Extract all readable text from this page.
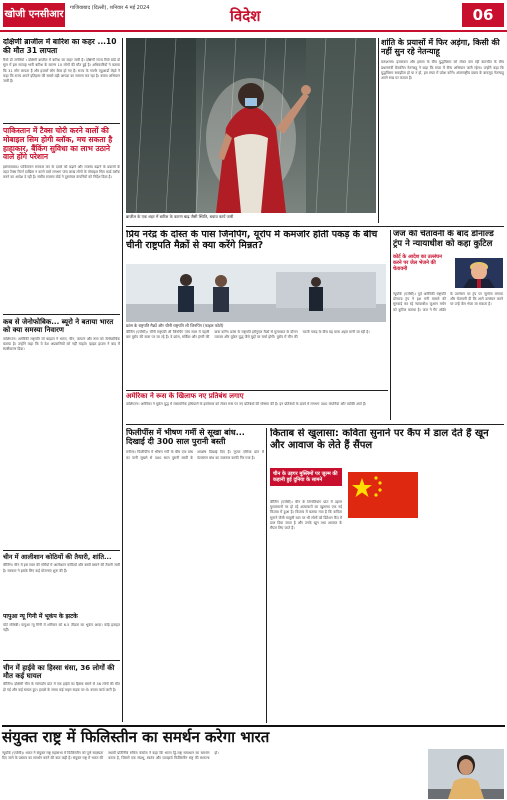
खोजी एनसीआर
गाजियाबाद (दिल्ली), शनिवार 4 मई 2024	विदेश	06
दक्षिणी ब्राजील में बारिश का कहर ...10 की मौत 31 लापता
रियो डी जनेरियो । दक्षिणी ब्राजील में बारिश का कहर जारी है। दक्षिणी राज्य रियो ग्रांडे डो सुल में इस सप्ताह भारी बारिश के कारण 10 लोगों की मौत हुई है। अधिकारियों ने बताया कि 31 लोग लापता हैं और हजारों लोग बेघर हो गए हैं। राज्य के गवर्नर एडुआर्डो लेइटे ने कहा कि राज्य अपने इतिहास की सबसे बड़ी आपदा का सामना कर रहा है। बचाव अभियान जारी है।
पाकिस्तान में टैक्स चोरी करने वालों की मोबाइल सिम होगी ब्लॉक, मच सकता है हाहाकार, बैंकिंग सुविधा का लाभ उठाने वाले होंगे परेशान
इस्लामाबाद। पाकिस्तान सरकार कर के दायरे को बढ़ाने और राजस्व बढ़ाने के प्रयासों के तहत टैक्स रिटर्न दाखिल न करने वाले लगभग पांच लाख लोगों के मोबाइल सिम कार्ड ब्लॉक करने का आदेश दे रही है। संघीय राजस्व बोर्ड ने दूरसंचार कंपनियों को निर्देश दिया है।
कब से जेनोफोबिक... ब्यूरो ने बताया भारत को क्या समस्या निवारण
वाशिंगटन। अमेरिकी राष्ट्रपति जो बाइडन ने भारत, चीन, जापान और रूस को जेनोफोबिक बताया है। उन्होंने कहा कि ये देश अप्रवासियों को नहीं चाहते। व्हाइट हाउस ने बाद में स्पष्टीकरण दिया।
चीन में आलीशान कोठियों की तैयारी, शांति...
बीजिंग। चीन में इस साल की गर्मियों में आलीशान कोठियों और बस्ती बसाने की तैयारी जारी है। सरकार ने इसके लिए कई योजनाएं शुरू की हैं।
पापुआ न्यू गिनी में भूकंप के झटके
पोर्ट मोरेस्बी। पापुआ न्यू गिनी में शनिवार को 6.5 तीव्रता का भूकंप आया। कोई हताहत नहीं।
चीन में हाईवे का हिस्सा धंसा, 36 लोगों की मौत कई घायल
बीजिंग। दक्षिणी चीन के ग्वांगडोंग प्रांत में एक हाईवे का हिस्सा धंसने से 36 लोगों की मौत हो गई और कई घायल हुए। हादसे के समय कई वाहन सड़क पर थे। बचाव कार्य जारी है।
ब्राजील के एक शहर में बारिश के कारण बाढ़ जैसी स्थिति, बचाव कार्य जारी
शांति के प्रयासों में फिर अड़ंगा, किसी की नहीं सुन रहे नेतन्याहू
यरूशलम। इजरायल और हमास के बीच युद्धविराम को लेकर चल रही बातचीत के बीच प्रधानमंत्री बेंजामिन नेतन्याहू ने कहा कि राफा में सैन्य अभियान जारी रहेगा। उन्होंने कहा कि युद्धविराम समझौता हो या न हो, हम राफा में प्रवेश करेंगे। अंतरराष्ट्रीय दबाव के बावजूद नेतन्याहू अपने रुख पर कायम हैं।
प्रिय नरेंद्र के दोस्त के पास जिनपिंग, यूरोप में कमजोर होती पकड़ के बीच चीनी राष्ट्रपति मैक्रों से क्या करेंगे मिन्नत?
फ्रांस के राष्ट्रपति मैक्रों और चीनी राष्ट्रपति शी जिनपिंग (फाइल फोटो)
बीजिंग (एजेंसी)। चीनी राष्ट्रपति शी जिनपिंग पांच साल में पहली बार यूरोप की यात्रा पर जा रहे हैं। वे फ्रांस, सर्बिया और हंगरी की यात्रा करेंगे। फ्रांस के राष्ट्रपति इमैनुएल मैक्रों से मुलाकात के दौरान व्यापार और यूक्रेन युद्ध जैसे मुद्दों पर चर्चा होगी। यूरोप में चीन की घटती पकड़ के बीच यह यात्रा अहम मानी जा रही है।
जज की चेतावनी के बाद डोनाल्ड ट्रंप ने न्यायाधीश को कहा कुटिल
कोर्ट के आदेश का उल्लंघन करने पर जेल भेजने की चेतावनी
न्यूयॉर्क (एजेंसी)। पूर्व अमेरिकी राष्ट्रपति डोनाल्ड ट्रंप ने हश मनी मामले की सुनवाई कर रहे न्यायाधीश जुआन मर्चन को कुटिल बताया है। जज ने गैग ऑर्डर के उल्लंघन पर ट्रंप पर जुर्माना लगाया और चेतावनी दी कि आगे उल्लंघन करने पर उन्हें जेल भेजा जा सकता है।
अमेरिका ने रूस के खिलाफ नए प्रतिबंध लगाए
वाशिंगटन। अमेरिका ने यूक्रेन युद्ध में रासायनिक हथियारों के इस्तेमाल को लेकर रूस पर नए प्रतिबंधों की घोषणा की है। इन प्रतिबंधों के दायरे में लगभग 300 कंपनियां और व्यक्ति आते हैं।
फिलीपींस में भीषण गर्मी से सूखा बांध... दिखाई दी 300 साल पुरानी बस्ती
मनीला। फिलीपींस में भीषण गर्मी के बीच एक बांध का पानी सूखने से 300 साल पुरानी बस्ती के अवशेष दिखाई दिए हैं। नुएवा एसिया प्रांत में पंटाबंगन बांध का जलस्तर काफी गिर गया है।
किताब से खुलासा: कविता सुनाने पर कैंप में डाल देते हैं खून और आवाज के लेते हैं सैंपल
चीन के उइगर मुस्लिमों पर जुल्म की कहानी हुई दुनिया के सामने
बीजिंग (एजेंसी)। चीन के शिनजियांग प्रांत में उइगर मुसलमानों पर हो रहे अत्याचारों का खुलासा एक नई किताब में हुआ है। किताब में बताया गया है कि कविता सुनाने जैसी मामूली बात पर भी लोगों को डिटेंशन कैंप में डाल दिया जाता है और उनके खून तथा आवाज के सैंपल लिए जाते हैं।
संयुक्त राष्ट्र में फिलिस्तीन का समर्थन करेगा भारत
न्यूयॉर्क (एजेंसी)। भारत ने संयुक्त राष्ट्र महासभा में फिलिस्तीन को पूर्ण सदस्यता दिए जाने के प्रस्ताव का समर्थन करने की बात कही है। संयुक्त राष्ट्र में भारत की स्थायी प्रतिनिधि रुचिरा कंबोज ने कहा कि भारत द्वि-राष्ट्र समाधान का समर्थन करता है, जिसमें एक संप्रभु, स्वतंत्र और व्यवहार्य फिलिस्तीन राष्ट्र की स्थापना हो।
